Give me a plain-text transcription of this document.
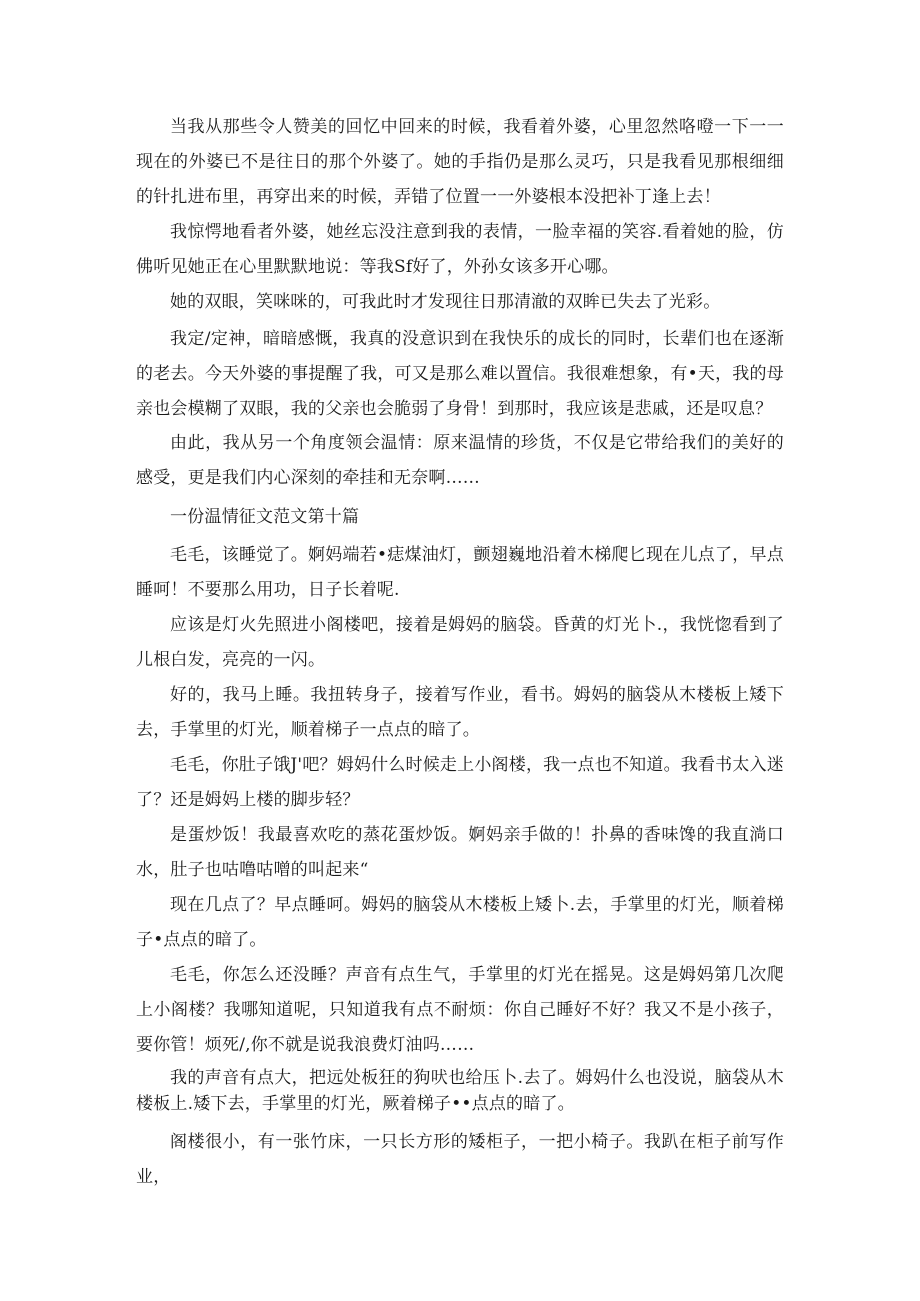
当我从那些令人赞美的回忆中回来的时候，我看着外婆，心里忽然咯噔一下一一现在的外婆已不是往日的那个外婆了。她的手指仍是那么灵巧，只是我看见那根细细的针扎进布里，再穿出来的时候，弄错了位置一一外婆根本没把补丁逢上去！

我惊愕地看者外婆，她丝忘没注意到我的表情，一脸幸福的笑容.看着她的脸，仿佛听见她正在心里默默地说：等我Sf好了，外孙女该多开心哪。

她的双眼，笑咪咪的，可我此时才发现往日那清澈的双眸已失去了光彩。

我定/定神，暗暗感慨，我真的没意识到在我快乐的成长的同时，长辈们也在逐渐的老去。今天外婆的事提醒了我，可又是那么难以置信。我很难想象，有•天，我的母亲也会模糊了双眼，我的父亲也会脆弱了身骨！到那时，我应该是悲戚，还是叹息？

由此，我从另一个角度领会温情：原来温情的珍货，不仅是它带给我们的美好的感受，更是我们内心深刻的牵挂和无奈啊……

一份温情征文范文第十篇

毛毛，该睡觉了。婀妈端若•痣煤油灯，颤翅巍地沿着木梯爬匕现在儿点了，早点睡呵！不要那么用功，日子长着呢.

应该是灯火先照进小阁楼吧，接着是姆妈的脑袋。昏黄的灯光卜.，我恍惚看到了儿根白发，亮亮的一闪。

好的，我马上睡。我扭转身子，接着写作业，看书。姆妈的脑袋从木楼板上矮下去，手掌里的灯光，顺着梯子一点点的暗了。

毛毛，你肚子饿J'吧？姆妈什么时候走上小阁楼，我一点也不知道。我看书太入迷了？还是姆妈上楼的脚步轻？

是蛋炒饭！我最喜欢吃的蒸花蛋炒饭。婀妈亲手做的！扑鼻的香味馋的我直淌口水，肚子也咕噜咕噌的叫起来“

现在几点了？早点睡呵。姆妈的脑袋从木楼板上矮卜.去，手掌里的灯光，顺着梯子•点点的暗了。

毛毛，你怎么还没睡？声音有点生气，手掌里的灯光在摇晃。这是姆妈第几次爬上小阁楼？我哪知道呢，只知道我有点不耐烦：你自己睡好不好？我又不是小孩子，要你管！烦死/,你不就是说我浪费灯油吗……

我的声音有点大，把远处板狂的狗吠也给压卜.去了。姆妈什么也没说，脑袋从木楼板上.矮下去，手掌里的灯光，厥着梯子••点点的暗了。

阁楼很小，有一张竹床，一只长方形的矮柜子，一把小椅子。我趴在柜子前写作业，
